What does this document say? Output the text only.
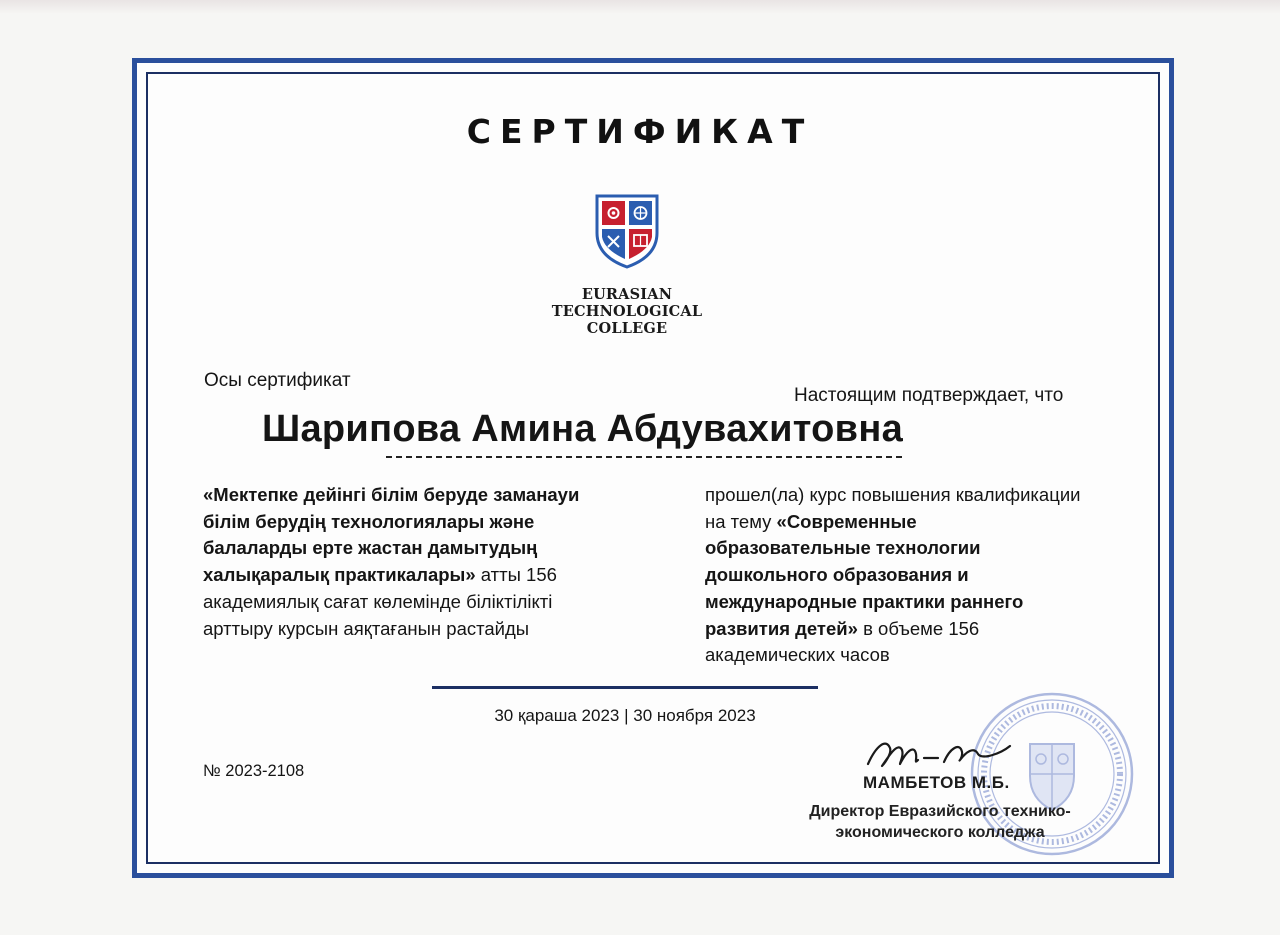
СЕРТИФИКАТ
EURASIAN
TECHNOLOGICAL
COLLEGE
Осы сертификат
Настоящим подтверждает, что
Шарипова Амина Абдувахитовна
«Мектепке дейінгі білім беруде заманауи білім берудің технологиялары және балаларды ерте жастан дамытудың халықаралық практикалары» атты 156 академиялық сағат көлемінде біліктілікті арттыру курсын аяқтағанын растайды
прошел(ла) курс повышения квалификации на тему «Современные образовательные технологии дошкольного образования и международные практики раннего развития детей» в объеме 156 академических часов
30 қараша 2023 | 30 ноября 2023
№ 2023-2108
МАМБЕТОВ М.Б.
Директор Евразийского технико-
экономического колледжа
